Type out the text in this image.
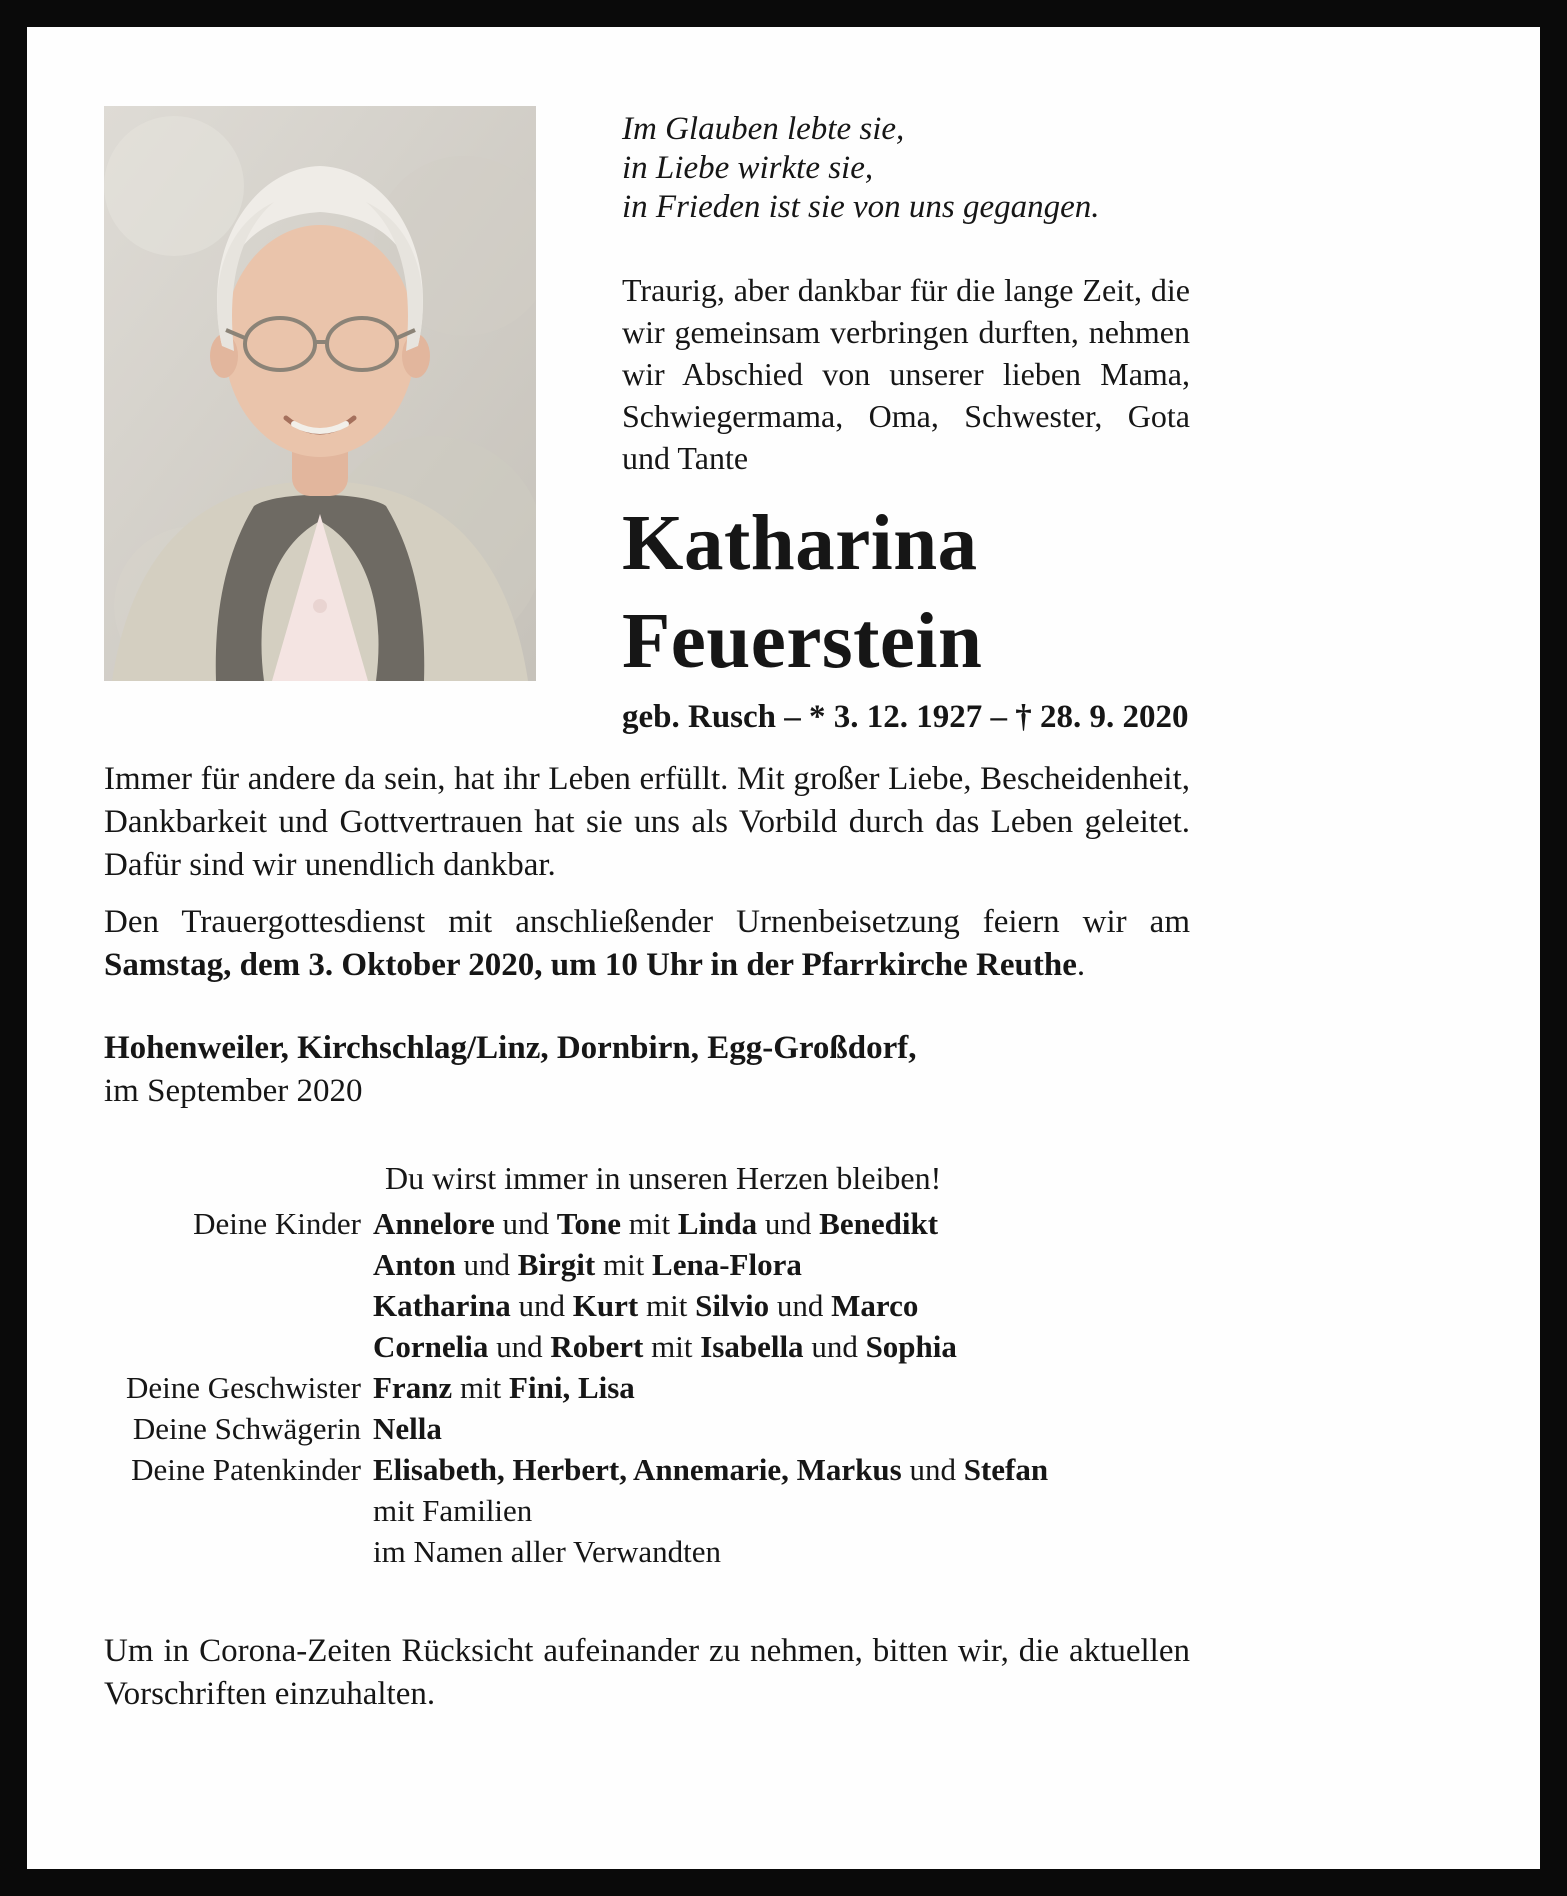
Im Glauben lebte sie,
in Liebe wirkte sie,
in Frieden ist sie von uns gegangen.

Traurig, aber dankbar für die lange Zeit, die wir gemeinsam verbringen durften, nehmen wir Abschied von unserer lieben Mama, Schwiegermama, Oma, Schwester, Gota und Tante

Katharina
Feuerstein
geb. Rusch – * 3. 12. 1927 – † 28. 9. 2020

Immer für andere da sein, hat ihr Leben erfüllt. Mit großer Liebe, Bescheidenheit, Dankbarkeit und Gottvertrauen hat sie uns als Vorbild durch das Leben geleitet. Dafür sind wir unendlich dankbar.

Den Trauergottesdienst mit anschließender Urnenbeisetzung feiern wir am Samstag, dem 3. Oktober 2020, um 10 Uhr in der Pfarrkirche Reuthe.

Hohenweiler, Kirchschlag/Linz, Dornbirn, Egg-Großdorf,
im September 2020
Du wirst immer in unseren Herzen bleiben!
Deine Kinder Annelore und Tone mit Linda und Benedikt
Anton und Birgit mit Lena-Flora
Katharina und Kurt mit Silvio und Marco
Cornelia und Robert mit Isabella und Sophia
Deine Geschwister Franz mit Fini, Lisa
Deine Schwägerin Nella
Deine Patenkinder Elisabeth, Herbert, Annemarie, Markus und Stefan
mit Familien
im Namen aller Verwandten

Um in Corona-Zeiten Rücksicht aufeinander zu nehmen, bitten wir, die aktuellen Vorschriften einzuhalten.
